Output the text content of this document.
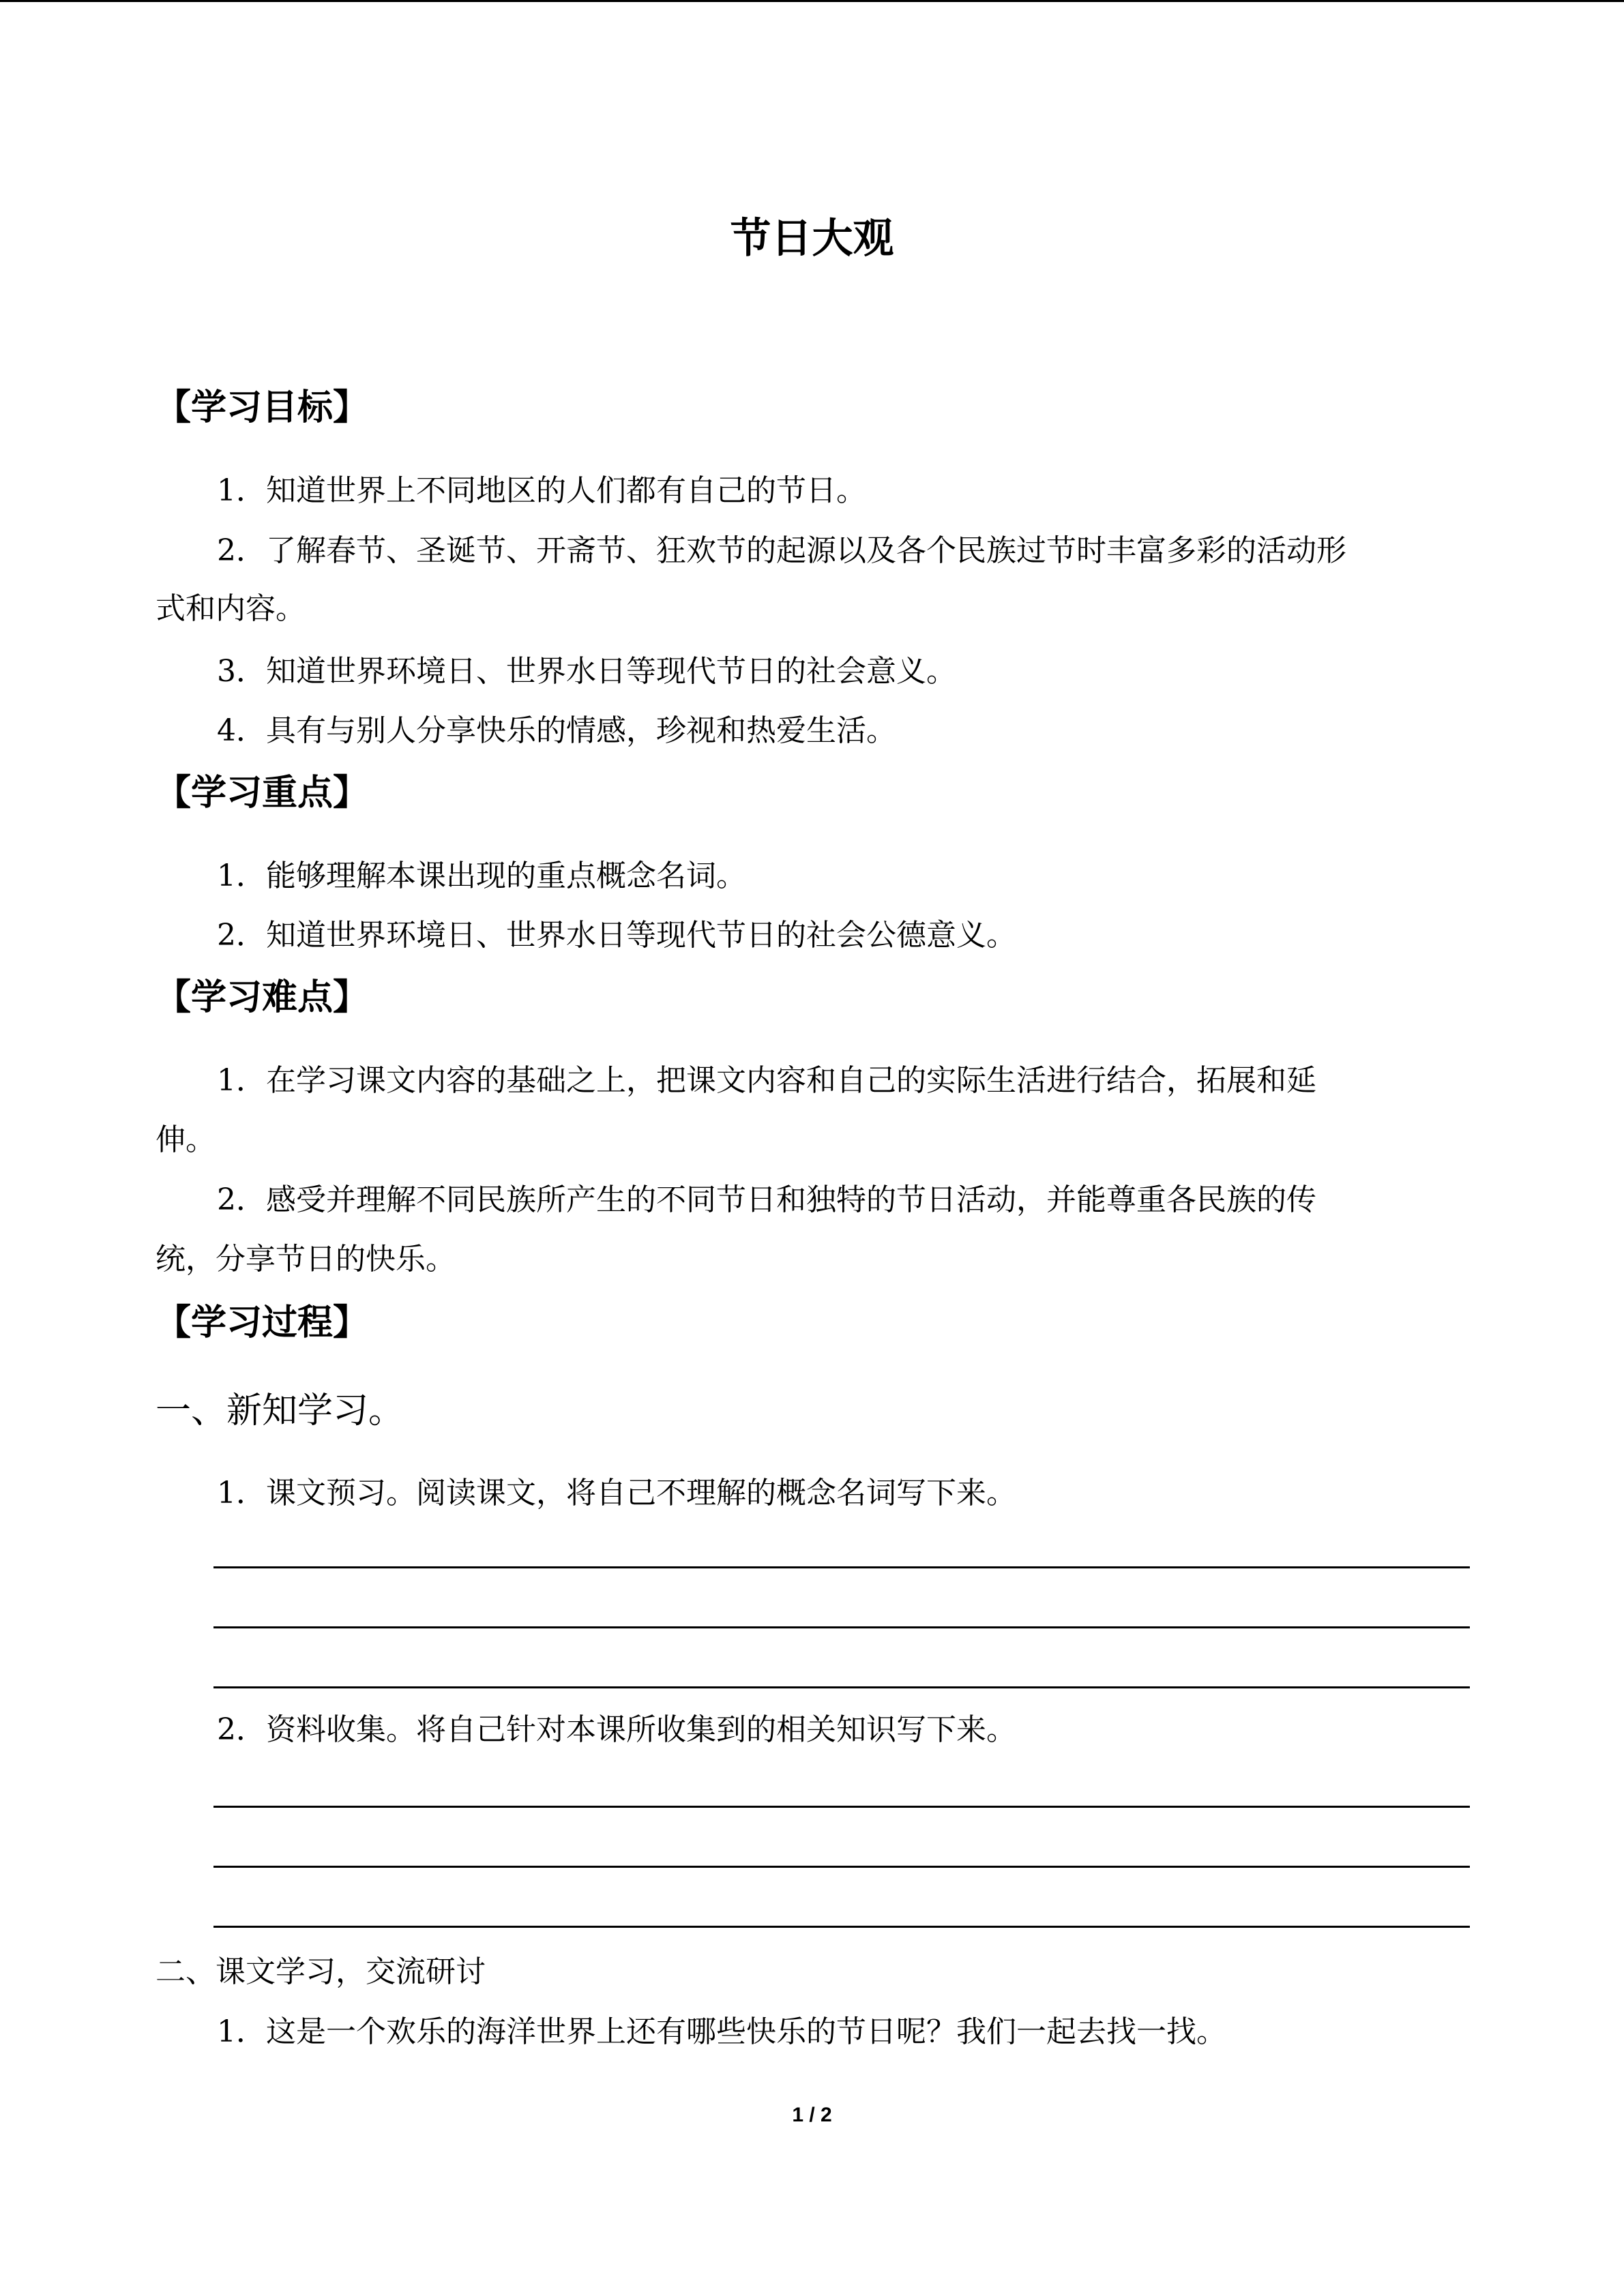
节日大观
【学习目标】
1．知道世界上不同地区的人们都有自己的节日。
2．了解春节、圣诞节、开斋节、狂欢节的起源以及各个民族过节时丰富多彩的活动形
式和内容。
3．知道世界环境日、世界水日等现代节日的社会意义。
4．具有与别人分享快乐的情感，珍视和热爱生活。
【学习重点】
1．能够理解本课出现的重点概念名词。
2．知道世界环境日、世界水日等现代节日的社会公德意义。
【学习难点】
1．在学习课文内容的基础之上，把课文内容和自己的实际生活进行结合，拓展和延
伸。
2．感受并理解不同民族所产生的不同节日和独特的节日活动，并能尊重各民族的传
统，分享节日的快乐。
【学习过程】
一、新知学习。
1．课文预习。阅读课文，将自己不理解的概念名词写下来。
2．资料收集。将自己针对本课所收集到的相关知识写下来。
二、课文学习，交流研讨
1．这是一个欢乐的海洋世界上还有哪些快乐的节日呢？我们一起去找一找。
1 / 2
